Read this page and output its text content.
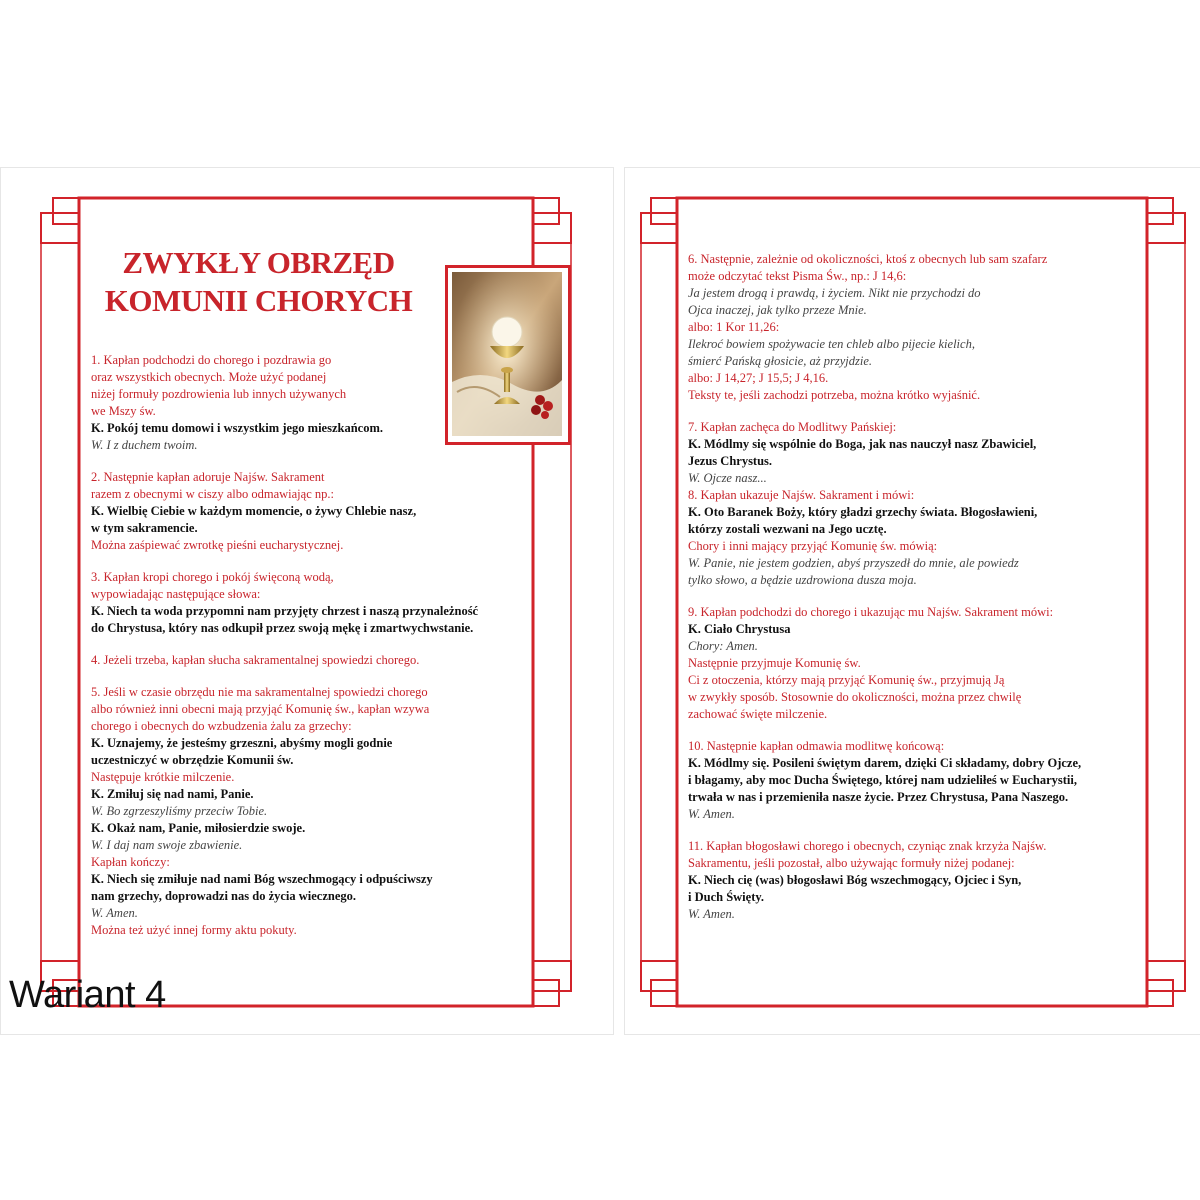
ZWYKŁY OBRZĘD
KOMUNII CHORYCH
1. Kapłan podchodzi do chorego i pozdrawia go
oraz wszystkich obecnych. Może użyć podanej
niżej formuły pozdrowienia lub innych używanych
we Mszy św.
K. Pokój temu domowi i wszystkim jego mieszkańcom.
W. I z duchem twoim.
2. Następnie kapłan adoruje Najśw. Sakrament
razem z obecnymi w ciszy albo odmawiając np.:
K. Wielbię Ciebie w każdym momencie, o żywy Chlebie nasz,
w tym sakramencie.
Można zaśpiewać zwrotkę pieśni eucharystycznej.
3. Kapłan kropi chorego i pokój święconą wodą,
wypowiadając następujące słowa:
K. Niech ta woda przypomni nam przyjęty chrzest i naszą przynależność
do Chrystusa, który nas odkupił przez swoją mękę i zmartwychwstanie.
4. Jeżeli trzeba, kapłan słucha sakramentalnej spowiedzi chorego.
5. Jeśli w czasie obrzędu nie ma sakramentalnej spowiedzi chorego
albo również inni obecni mają przyjąć Komunię św., kapłan wzywa
chorego i obecnych do wzbudzenia żalu za grzechy:
K. Uznajemy, że jesteśmy grzeszni, abyśmy mogli godnie
uczestniczyć w obrzędzie Komunii św.
Następuje krótkie milczenie.
K. Zmiłuj się nad nami, Panie.
W. Bo zgrzeszyliśmy przeciw Tobie.
K. Okaż nam, Panie, miłosierdzie swoje.
W. I daj nam swoje zbawienie.
Kapłan kończy:
K. Niech się zmiłuje nad nami Bóg wszechmogący i odpuściwszy
nam grzechy, doprowadzi nas do życia wiecznego.
W. Amen.
Można też użyć innej formy aktu pokuty.
6. Następnie, zależnie od okoliczności, ktoś z obecnych lub sam szafarz
może odczytać tekst Pisma Św., np.: J 14,6:
Ja jestem drogą i prawdą, i życiem. Nikt nie przychodzi do
Ojca inaczej, jak tylko przeze Mnie.
albo: 1 Kor 11,26:
Ilekroć bowiem spożywacie ten chleb albo pijecie kielich,
śmierć Pańską głosicie, aż przyjdzie.
albo: J 14,27; J 15,5; J 4,16.
Teksty te, jeśli zachodzi potrzeba, można krótko wyjaśnić.
7. Kapłan zachęca do Modlitwy Pańskiej:
K. Módlmy się wspólnie do Boga, jak nas nauczył nasz Zbawiciel,
Jezus Chrystus.
W. Ojcze nasz...
8. Kapłan ukazuje Najśw. Sakrament i mówi:
K. Oto Baranek Boży, który gładzi grzechy świata. Błogosławieni,
którzy zostali wezwani na Jego ucztę.
Chory i inni mający przyjąć Komunię św. mówią:
W. Panie, nie jestem godzien, abyś przyszedł do mnie, ale powiedz
tylko słowo, a będzie uzdrowiona dusza moja.
9. Kapłan podchodzi do chorego i ukazując mu Najśw. Sakrament mówi:
K. Ciało Chrystusa
Chory: Amen.
Następnie przyjmuje Komunię św.
Ci z otoczenia, którzy mają przyjąć Komunię św., przyjmują Ją
w zwykły sposób. Stosownie do okoliczności, można przez chwilę
zachować święte milczenie.
10. Następnie kapłan odmawia modlitwę końcową:
K. Módlmy się. Posileni świętym darem, dzięki Ci składamy, dobry Ojcze,
i błagamy, aby moc Ducha Świętego, której nam udzieliłeś w Eucharystii,
trwała w nas i przemieniła nasze życie. Przez Chrystusa, Pana Naszego.
W. Amen.
11. Kapłan błogosławi chorego i obecnych, czyniąc znak krzyża Najśw.
Sakramentu, jeśli pozostał, albo używając formuły niżej podanej:
K. Niech cię (was) błogosławi Bóg wszechmogący, Ojciec i Syn,
i Duch Święty.
W. Amen.
Wariant 4
